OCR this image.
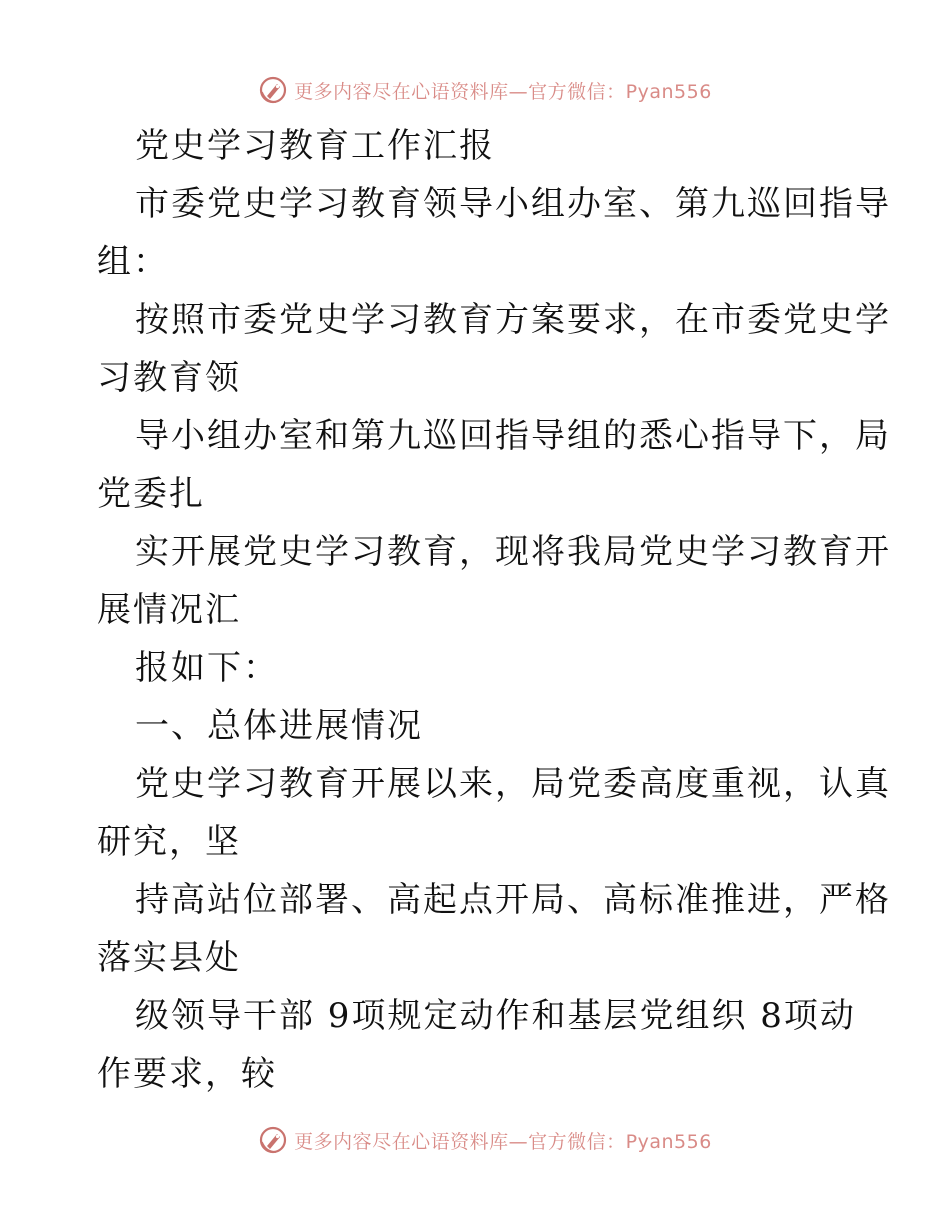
更多内容尽在心语资料库—官方微信：Pyan556
党史学习教育工作汇报
市委党史学习教育领导小组办室、第九巡回指导
组：
按照市委党史学习教育方案要求，在市委党史学
习教育领
导小组办室和第九巡回指导组的悉心指导下，局
党委扎
实开展党史学习教育，现将我局党史学习教育开
展情况汇
报如下：
一、总体进展情况
党史学习教育开展以来，局党委高度重视，认真
研究，坚
持高站位部署、高起点开局、高标准推进，严格
落实县处
级领导干部 9项规定动作和基层党组织 8项动
作要求，较
更多内容尽在心语资料库—官方微信：Pyan556
